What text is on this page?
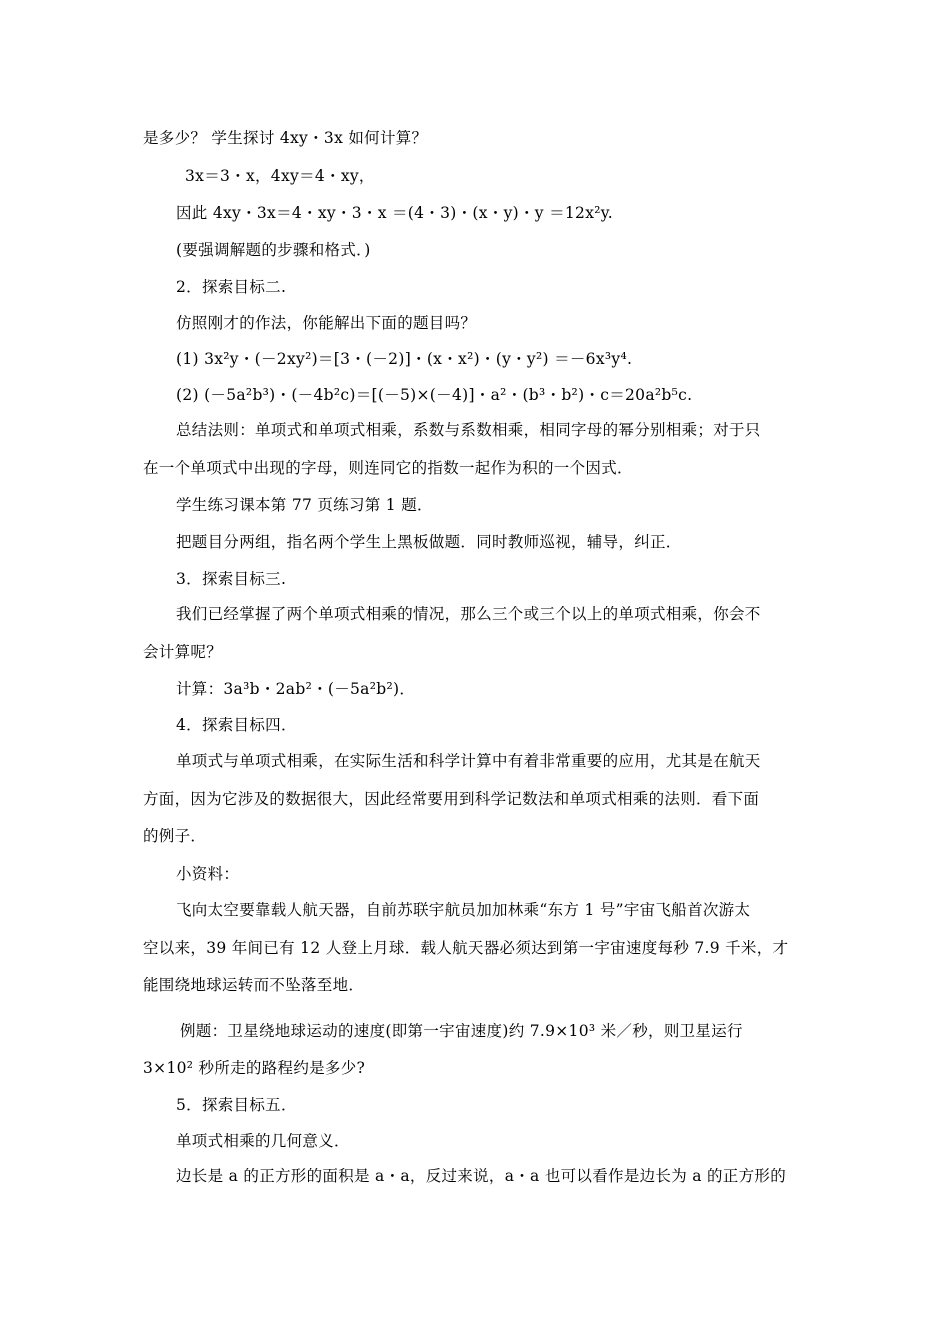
是多少？ 学生探讨 4xy・3x 如何计算？
3x＝3・x，4xy＝4・xy，
因此 4xy・3x＝4・xy・3・x ＝(4・3)・(x・y)・y ＝12x²y.
(要强调解题的步骤和格式．)
2．探索目标二.
仿照刚才的作法，你能解出下面的题目吗？
(1) 3x²y・(－2xy²)＝[3・(－2)]・(x・x²)・(y・y²) ＝－6x³y⁴.
(2) (－5a²b³)・(－4b²c)＝[(－5)×(－4)]・a²・(b³・b²)・c＝20a²b⁵c.
总结法则：单项式和单项式相乘，系数与系数相乘，相同字母的幂分别相乘；对于只
在一个单项式中出现的字母，则连同它的指数一起作为积的一个因式．
学生练习课本第 77 页练习第 1 题．
把题目分两组，指名两个学生上黑板做题．同时教师巡视，辅导，纠正．
3．探索目标三.
我们已经掌握了两个单项式相乘的情况，那么三个或三个以上的单项式相乘，你会不
会计算呢？
计算：3a³b・2ab²・(－5a²b²)．
4．探索目标四．
单项式与单项式相乘，在实际生活和科学计算中有着非常重要的应用，尤其是在航天
方面，因为它涉及的数据很大，因此经常要用到科学记数法和单项式相乘的法则．看下面
的例子．
小资料：
飞向太空要靠载人航天器，自前苏联宇航员加加林乘“东方 1 号”宇宙飞船首次游太
空以来，39 年间已有 12 人登上月球．载人航天器必须达到第一宇宙速度每秒 7.9 千米，才
能围绕地球运转而不坠落至地．
例题：卫星绕地球运动的速度(即第一宇宙速度)约 7.9×10³ 米／秒，则卫星运行
3×10² 秒所走的路程约是多少?
5．探索目标五．
单项式相乘的几何意义．
边长是 a 的正方形的面积是 a・a，反过来说，a・a 也可以看作是边长为 a 的正方形的
